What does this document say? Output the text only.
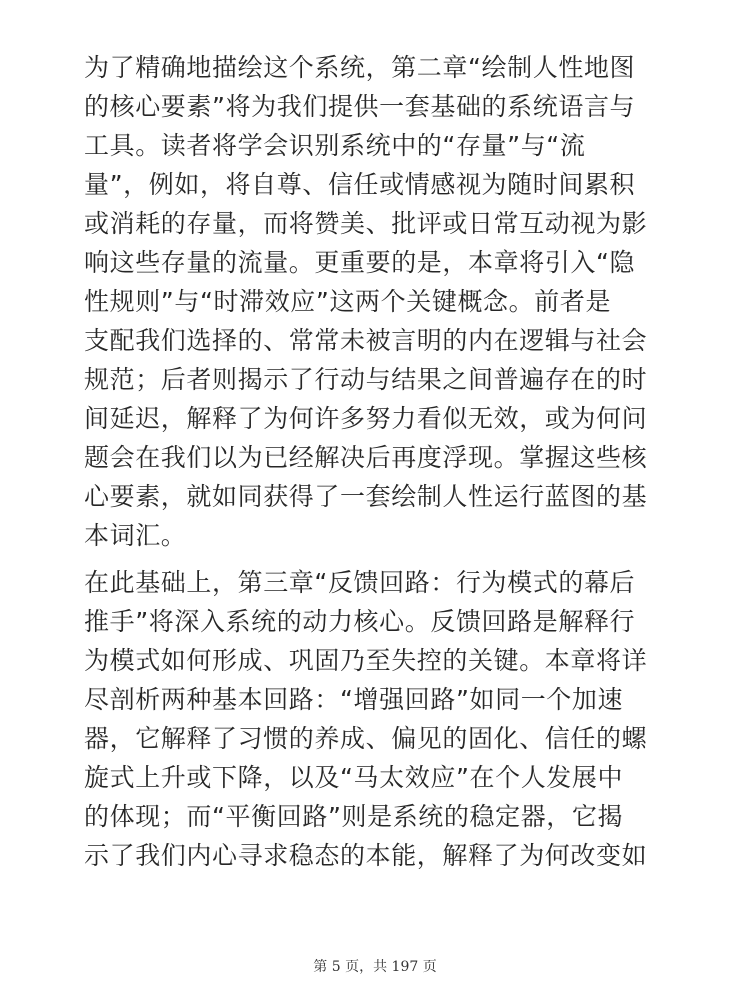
为了精确地描绘这个系统，第二章“绘制人性地图
的核心要素”将为我们提供一套基础的系统语言与
工具。读者将学会识别系统中的“存量”与“流
量”，例如，将自尊、信任或情感视为随时间累积
或消耗的存量，而将赞美、批评或日常互动视为影
响这些存量的流量。更重要的是，本章将引入“隐
性规则”与“时滞效应”这两个关键概念。前者是
支配我们选择的、常常未被言明的内在逻辑与社会
规范；后者则揭示了行动与结果之间普遍存在的时
间延迟，解释了为何许多努力看似无效，或为何问
题会在我们以为已经解决后再度浮现。掌握这些核
心要素，就如同获得了一套绘制人性运行蓝图的基
本词汇。

在此基础上，第三章“反馈回路：行为模式的幕后
推手”将深入系统的动力核心。反馈回路是解释行
为模式如何形成、巩固乃至失控的关键。本章将详
尽剖析两种基本回路：“增强回路”如同一个加速
器，它解释了习惯的养成、偏见的固化、信任的螺
旋式上升或下降，以及“马太效应”在个人发展中
的体现；而“平衡回路”则是系统的稳定器，它揭
示了我们内心寻求稳态的本能，解释了为何改变如

第 5 页，共 197 页
